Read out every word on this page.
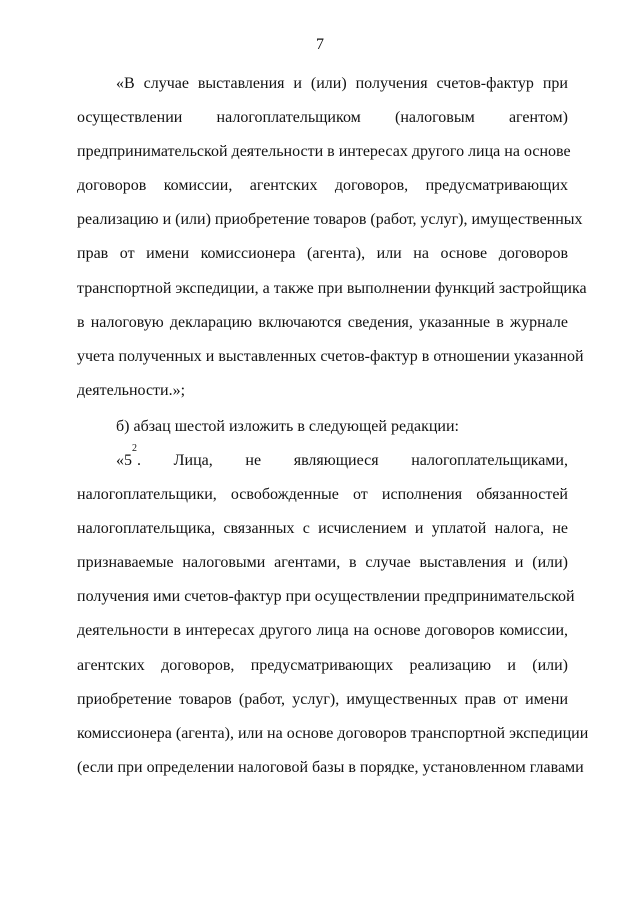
7
«В случае выставления и (или) получения счетов-фактур при
осуществлении налогоплательщиком (налоговым агентом)
предпринимательской деятельности в интересах другого лица на основе
договоров комиссии, агентских договоров, предусматривающих
реализацию и (или) приобретение товаров (работ, услуг), имущественных
прав от имени комиссионера (агента), или на основе договоров
транспортной экспедиции, а также при выполнении функций застройщика
в налоговую декларацию включаются сведения, указанные в журнале
учета полученных и выставленных счетов-фактур в отношении указанной
деятельности.»;
б) абзац шестой изложить в следующей редакции:
«$5^2$. Лица, не являющиеся налогоплательщиками,
налогоплательщики, освобожденные от исполнения обязанностей
налогоплательщика, связанных с исчислением и уплатой налога, не
признаваемые налоговыми агентами, в случае выставления и (или)
получения ими счетов-фактур при осуществлении предпринимательской
деятельности в интересах другого лица на основе договоров комиссии,
агентских договоров, предусматривающих реализацию и (или)
приобретение товаров (работ, услуг), имущественных прав от имени
комиссионера (агента), или на основе договоров транспортной экспедиции
(если при определении налоговой базы в порядке, установленном главами
